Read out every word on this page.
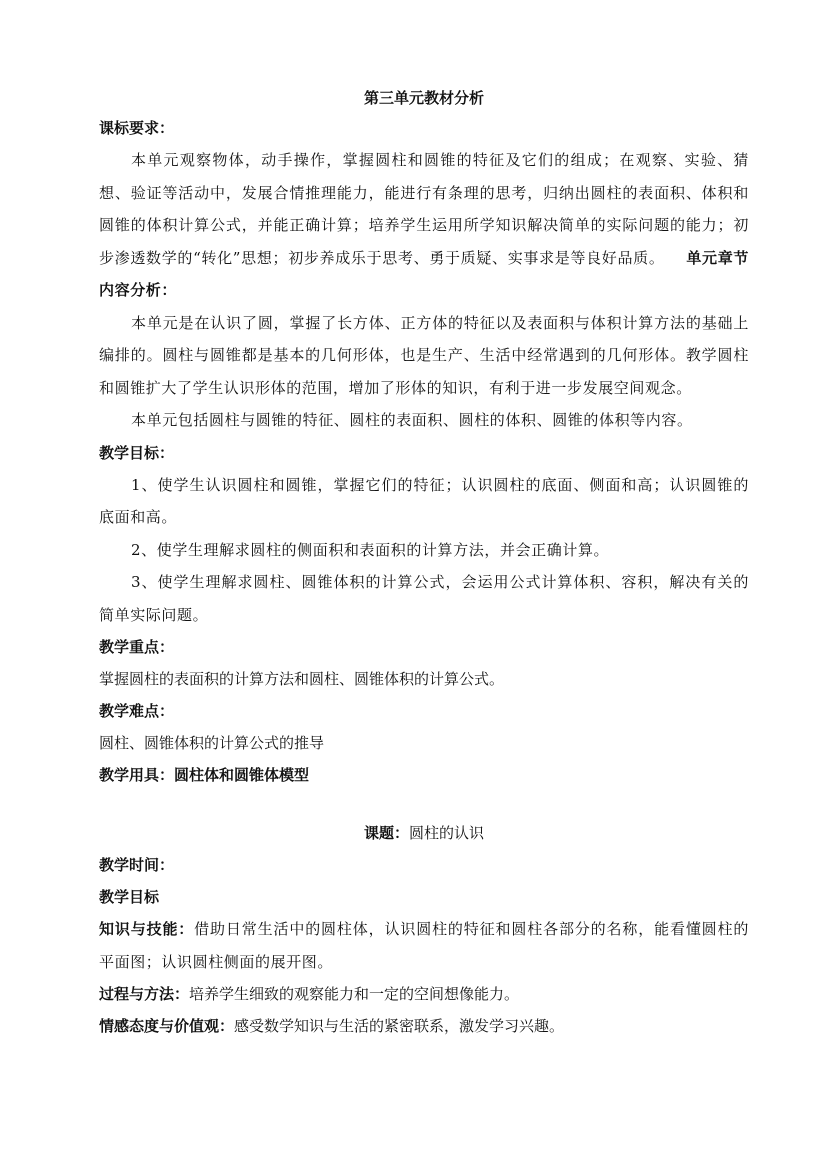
第三单元教材分析

课标要求：

本单元观察物体，动手操作，掌握圆柱和圆锥的特征及它们的组成；在观察、实验、猜想、验证等活动中，发展合情推理能力，能进行有条理的思考，归纳出圆柱的表面积、体积和圆锥的体积计算公式，并能正确计算；培养学生运用所学知识解决简单的实际问题的能力；初步渗透数学的“转化”思想；初步养成乐于思考、勇于质疑、实事求是等良好品质。 单元章节内容分析：

本单元是在认识了圆，掌握了长方体、正方体的特征以及表面积与体积计算方法的基础上编排的。圆柱与圆锥都是基本的几何形体，也是生产、生活中经常遇到的几何形体。教学圆柱和圆锥扩大了学生认识形体的范围，增加了形体的知识，有利于进一步发展空间观念。

本单元包括圆柱与圆锥的特征、圆柱的表面积、圆柱的体积、圆锥的体积等内容。

教学目标：

1、使学生认识圆柱和圆锥，掌握它们的特征；认识圆柱的底面、侧面和高；认识圆锥的底面和高。

2、使学生理解求圆柱的侧面积和表面积的计算方法，并会正确计算。

3、使学生理解求圆柱、圆锥体积的计算公式，会运用公式计算体积、容积，解决有关的简单实际问题。

教学重点：

掌握圆柱的表面积的计算方法和圆柱、圆锥体积的计算公式。

教学难点：

圆柱、圆锥体积的计算公式的推导

教学用具：圆柱体和圆锥体模型

课题：圆柱的认识

教学时间：

教学目标

知识与技能：借助日常生活中的圆柱体，认识圆柱的特征和圆柱各部分的名称，能看懂圆柱的平面图；认识圆柱侧面的展开图。

过程与方法：培养学生细致的观察能力和一定的空间想像能力。

情感态度与价值观：感受数学知识与生活的紧密联系，激发学习兴趣。
